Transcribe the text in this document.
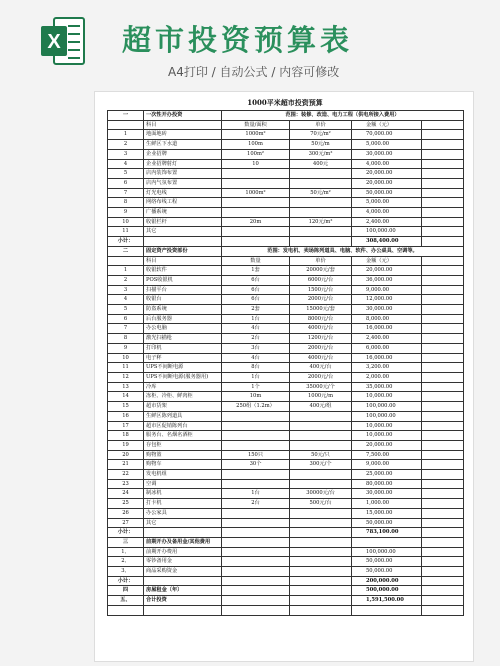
X 超市投资预算表
A4打印 / 自动公式 / 内容可修改
1000平米超市投资预算
一	一次性开办投资	范围：装修、改造、电力工程（供电所接入费用）			
	科目	数量/面积	单价	金额（元）	
1	地面地砖	1000m²	70元/m²	70,000.00	
2	生鲜区下水道	100m	50元/m	5,000.00	
3	企业招牌	100m²	300元/m²	30,000.00	
4	企业招牌射灯	10	400元	4,000.00	
5	店内装饰布置			20,000.00	
6	店内气氛布置			20,000.00	
7	灯光电线	1000m²	50元/m²	50,000.00	
8	网络布线工程			5,000.00	
9	广播系统			4,000.00	
10	收银栏杆	20m	120元/m²	2,400.00	
11	其它			100,000.00	
小计：				308,400.00	
二	固定资产投资部份	范围：发电机、卖场陈列道具、电脑、软件、办公桌具、空调等。			
	科目	数量	单价	金额（元）	
1	收银软件	1套	20000元/套	20,000.00	
2	POS收银机	6台	6000元/台	36,000.00	
3	扫描平台	6台	1500元/台	9,000.00	
4	收银台	6台	2000元/台	12,000.00	
5	防盗系统	2套	15000元/套	30,000.00	
6	后台服务器	1台	8000元/台	8,000.00	
7	办公电脑	4台	4000元/台	16,000.00	
8	激光扫描枪	2台	1200元/台	2,400.00	
9	打印机	3台	2000元/台	6,000.00	
10	电子秤	4台	4000元/台	16,000.00	
11	UPS不间断电源	8台	400元/台	3,200.00	
12	UPS不间断电源(服务器用)	1台	2000元/台	2,000.00	
13	冷库	1个	35000元/个	35,000.00	
14	冻柜、冷柜、鲜肉柜	10m	1000元/m	10,000.00	
15	超市货架	250组（1.2m）	400元/组	100,000.00	
16	生鲜区陈列道具			100,000.00	
17	超市区促销陈列台			10,000.00	
18	服务台、名烟名酒柜			10,000.00	
19	存包柜			20,000.00	
20	购物篮	150只	50元/只	7,500.00	
21	购物车	30个	300元/个	9,000.00	
22	发电机组			25,000.00	
23	空调			80,000.00	
24	制冰机	1台	30000元/台	30,000.00	
25	打卡机	2台	500元/台	1,000.00	
26	办公家具			15,000.00	
27	其它			50,000.00	
小计：				783,100.00	
三	前期开办及备用金/其他费用				
1、	前期开办费用			100,000.00	
2、	零钞备用金			50,000.00	
3、	商品采购资金			50,000.00	
小计：				200,000.00	
四	房屋租金（年）			500,000.00	
五、	合计投资			1,591,500.00	
